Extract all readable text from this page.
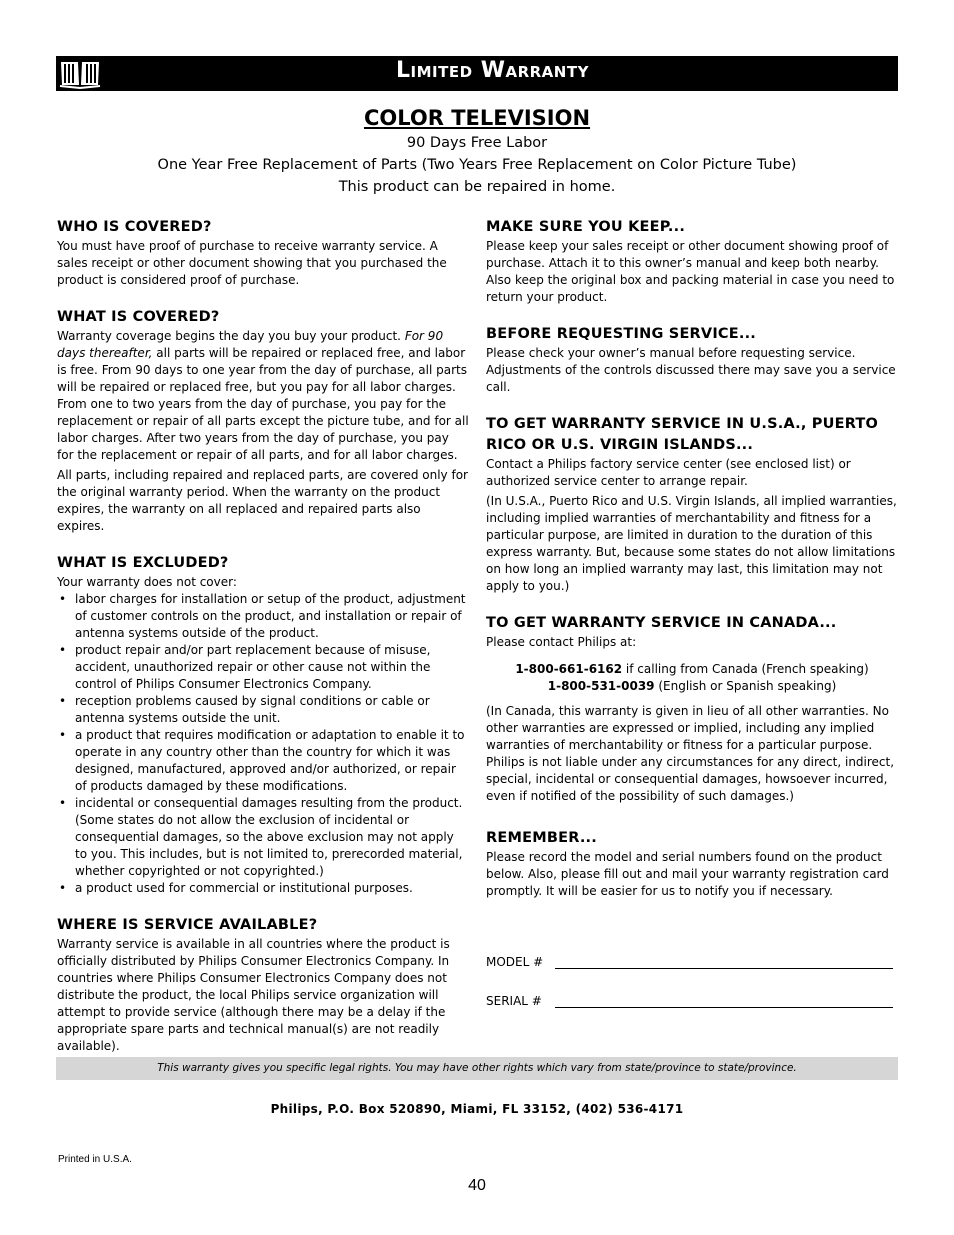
Limited Warranty
COLOR TELEVISION
90 Days Free Labor
One Year Free Replacement of Parts (Two Years Free Replacement on Color Picture Tube)
This product can be repaired in home.
WHO IS COVERED?

You must have proof of purchase to receive warranty service. A sales receipt or other document showing that you purchased the product is considered proof of purchase.

WHAT IS COVERED?

Warranty coverage begins the day you buy your product. For 90 days thereafter, all parts will be repaired or replaced free, and labor is free. From 90 days to one year from the day of purchase, all parts will be repaired or replaced free, but you pay for all labor charges. From one to two years from the day of purchase, you pay for the replacement or repair of all parts except the picture tube, and for all labor charges. After two years from the day of purchase, you pay for the replacement or repair of all parts, and for all labor charges.

All parts, including repaired and replaced parts, are covered only for the original warranty period. When the warranty on the product expires, the warranty on all replaced and repaired parts also expires.

WHAT IS EXCLUDED?

Your warranty does not cover:

• labor charges for installation or setup of the product, adjustment of customer controls on the product, and installation or repair of antenna systems outside of the product.
• product repair and/or part replacement because of misuse, accident, unauthorized repair or other cause not within the control of Philips Consumer Electronics Company.
• reception problems caused by signal conditions or cable or antenna systems outside the unit.
• a product that requires modification or adaptation to enable it to operate in any country other than the country for which it was designed, manufactured, approved and/or authorized, or repair of products damaged by these modifications.
• incidental or consequential damages resulting from the product. (Some states do not allow the exclusion of incidental or consequential damages, so the above exclusion may not apply to you. This includes, but is not limited to, prerecorded material, whether copyrighted or not copyrighted.)
• a product used for commercial or institutional purposes.
WHERE IS SERVICE AVAILABLE?

Warranty service is available in all countries where the product is officially distributed by Philips Consumer Electronics Company. In countries where Philips Consumer Electronics Company does not distribute the product, the local Philips service organization will attempt to provide service (although there may be a delay if the appropriate spare parts and technical manual(s) are not readily available).

MAKE SURE YOU KEEP...

Please keep your sales receipt or other document showing proof of purchase. Attach it to this owner’s manual and keep both nearby. Also keep the original box and packing material in case you need to return your product.

BEFORE REQUESTING SERVICE...

Please check your owner’s manual before requesting service. Adjustments of the controls discussed there may save you a service call.

TO GET WARRANTY SERVICE IN U.S.A., PUERTO RICO OR U.S. VIRGIN ISLANDS...

Contact a Philips factory service center (see enclosed list) or authorized service center to arrange repair.

(In U.S.A., Puerto Rico and U.S. Virgin Islands, all implied warranties, including implied warranties of merchantability and fitness for a particular purpose, are limited in duration to the duration of this express warranty. But, because some states do not allow limitations on how long an implied warranty may last, this limitation may not apply to you.)

TO GET WARRANTY SERVICE IN CANADA...

Please contact Philips at:

1-800-661-6162 if calling from Canada (French speaking)
1-800-531-0039 (English or Spanish speaking)

(In Canada, this warranty is given in lieu of all other warranties. No other warranties are expressed or implied, including any implied warranties of merchantability or fitness for a particular purpose. Philips is not liable under any circumstances for any direct, indirect, special, incidental or consequential damages, howsoever incurred, even if notified of the possibility of such damages.)

REMEMBER...

Please record the model and serial numbers found on the product below. Also, please fill out and mail your warranty registration card promptly. It will be easier for us to notify you if necessary.

MODEL #
SERIAL #
This warranty gives you specific legal rights. You may have other rights which vary from state/province to state/province.
Philips, P.O. Box 520890, Miami, FL 33152, (402) 536-4171
Printed in U.S.A.
40
